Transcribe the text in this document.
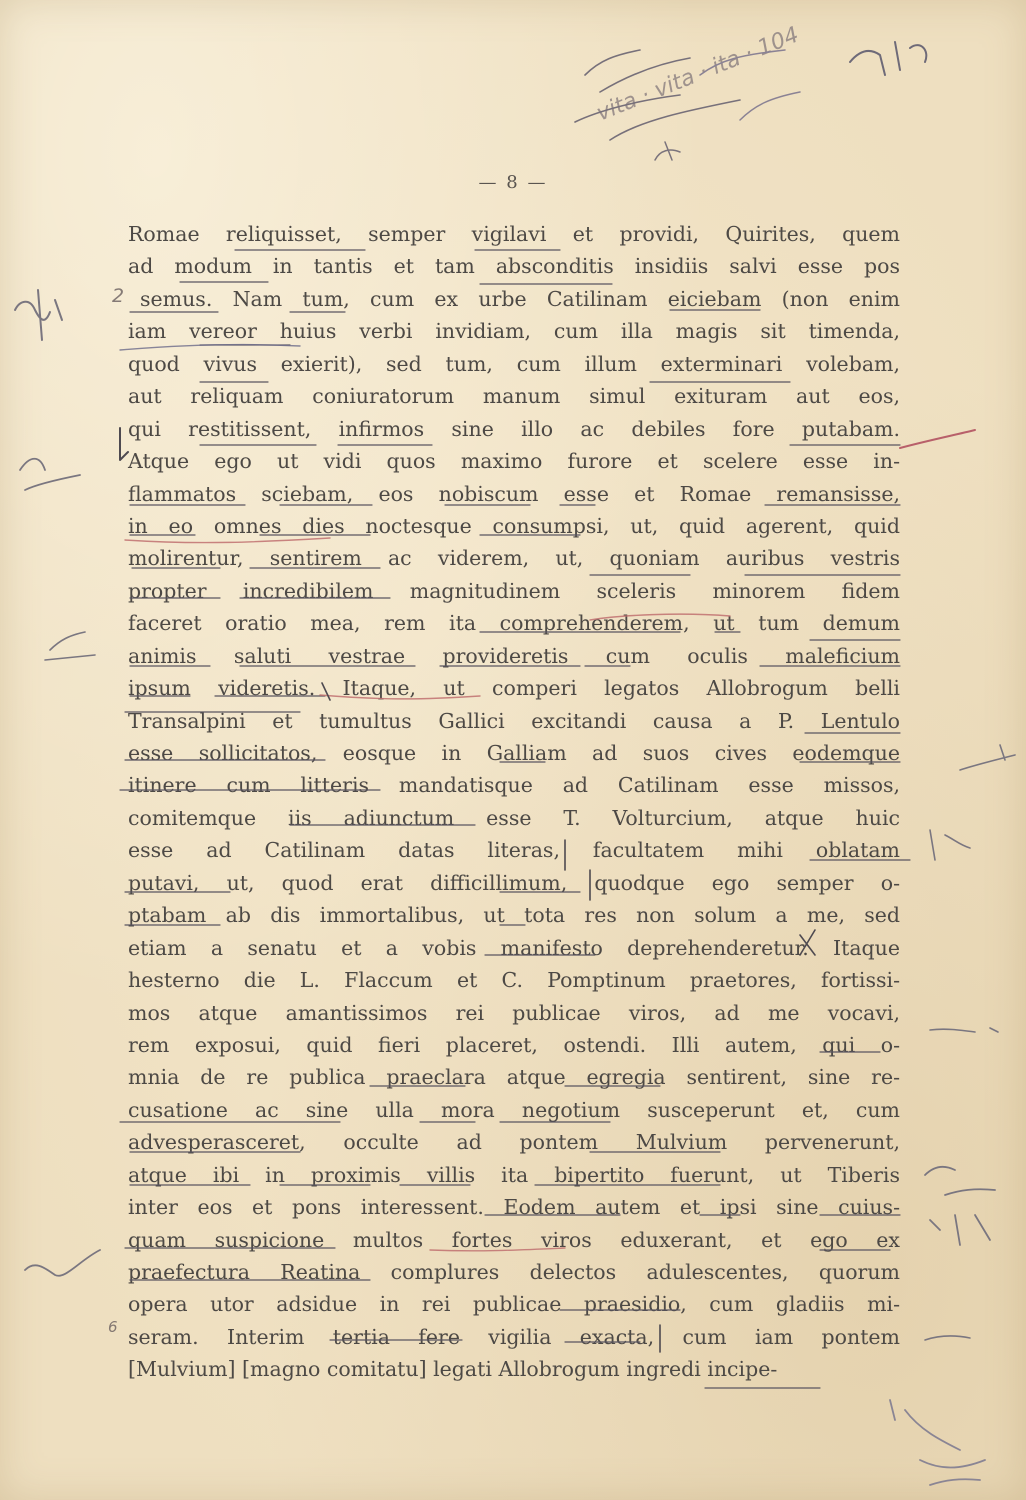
— 8 —
Romae reliquisset, semper vigilavi et providi, Quirites, quem
ad modum in tantis et tam absconditis insidiis salvi esse pos
semus. Nam tum, cum ex urbe Catilinam eiciebam (non enim
iam vereor huius verbi invidiam, cum illa magis sit timenda,
quod vivus exierit), sed tum, cum illum exterminari volebam,
aut reliquam coniuratorum manum simul exituram aut eos,
qui restitissent, infirmos sine illo ac debiles fore putabam.
Atque ego ut vidi quos maximo furore et scelere esse in-
flammatos sciebam, eos nobiscum esse et Romae remansisse,
in eo omnes dies noctesque consumpsi, ut, quid agerent, quid
molirentur, sentirem ac viderem, ut, quoniam auribus vestris
propter incredibilem magnitudinem sceleris minorem fidem
faceret oratio mea, rem ita comprehenderem, ut tum demum
animis saluti vestrae provideretis cum oculis maleficium
ipsum videretis. Itaque, ut comperi legatos Allobrogum belli
Transalpini et tumultus Gallici excitandi causa a P. Lentulo
esse sollicitatos, eosque in Galliam ad suos cives eodemque
itinere cum litteris mandatisque ad Catilinam esse missos,
comitemque iis adiunctum esse T. Volturcium, atque huic
esse ad Catilinam datas literas, facultatem mihi oblatam
putavi, ut, quod erat difficillimum, quodque ego semper o-
ptabam ab dis immortalibus, ut tota res non solum a me, sed
etiam a senatu et a vobis manifesto deprehenderetur. Itaque
hesterno die L. Flaccum et C. Pomptinum praetores, fortissi-
mos atque amantissimos rei publicae viros, ad me vocavi,
rem exposui, quid fieri placeret, ostendi. Illi autem, qui o-
mnia de re publica praeclara atque egregia sentirent, sine re-
cusatione ac sine ulla mora negotium susceperunt et, cum
advesperasceret, occulte ad pontem Mulvium pervenerunt,
atque ibi in proximis villis ita bipertito fuerunt, ut Tiberis
inter eos et pons interessent. Eodem autem et ipsi sine cuius-
quam suspicione multos fortes viros eduxerant, et ego ex
praefectura Reatina complures delectos adulescentes, quorum
opera utor adsidue in rei publicae praesidio, cum gladiis mi-
seram. Interim tertia fere vigilia exacta, cum iam pontem
[Mulvium] [magno comitatu] legati Allobrogum ingredi incipe-
2
6
vita · vita · ita · 104
